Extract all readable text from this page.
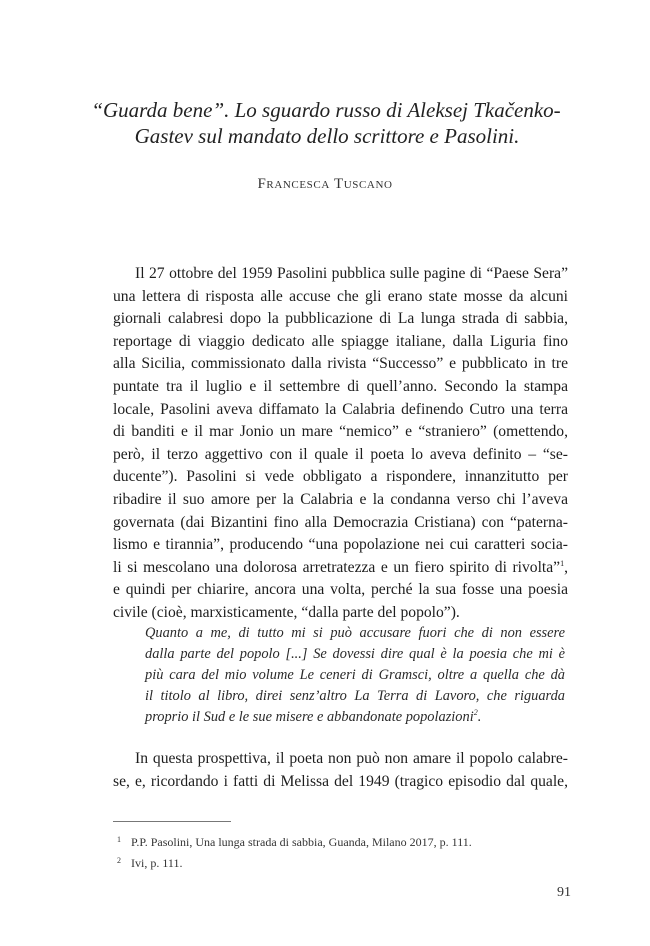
“Guarda bene”. Lo sguardo russo di Aleksej Tkačenko-
Gastev sul mandato dello scrittore e Pasolini.
Francesca Tuscano
Il 27 ottobre del 1959 Pasolini pubblica sulle pagine di “Paese Sera”
una lettera di risposta alle accuse che gli erano state mosse da alcuni
giornali calabresi dopo la pubblicazione di La lunga strada di sabbia,
reportage di viaggio dedicato alle spiagge italiane, dalla Liguria fino
alla Sicilia, commissionato dalla rivista “Successo” e pubblicato in tre
puntate tra il luglio e il settembre di quell’anno. Secondo la stampa
locale, Pasolini aveva diffamato la Calabria definendo Cutro una terra
di banditi e il mar Jonio un mare “nemico” e “straniero” (omettendo,
però, il terzo aggettivo con il quale il poeta lo aveva definito – “se-
ducente”). Pasolini si vede obbligato a rispondere, innanzitutto per
ribadire il suo amore per la Calabria e la condanna verso chi l’aveva
governata (dai Bizantini fino alla Democrazia Cristiana) con “paterna-
lismo e tirannia”, producendo “una popolazione nei cui caratteri socia-
li si mescolano una dolorosa arretratezza e un fiero spirito di rivolta”$^1$,
e quindi per chiarire, ancora una volta, perché la sua fosse una poesia
civile (cioè, marxisticamente, “dalla parte del popolo”).
Quanto a me, di tutto mi si può accusare fuori che di non essere
dalla parte del popolo [...] Se dovessi dire qual è la poesia che mi è
più cara del mio volume Le ceneri di Gramsci, oltre a quella che dà
il titolo al libro, direi senz’altro La Terra di Lavoro, che riguarda
proprio il Sud e le sue misere e abbandonate popolazioni$^2$.
In questa prospettiva, il poeta non può non amare il popolo calabre-
se, e, ricordando i fatti di Melissa del 1949 (tragico episodio dal quale,
1 P.P. Pasolini, Una lunga strada di sabbia, Guanda, Milano 2017, p. 111.
2 Ivi, p. 111.
91
